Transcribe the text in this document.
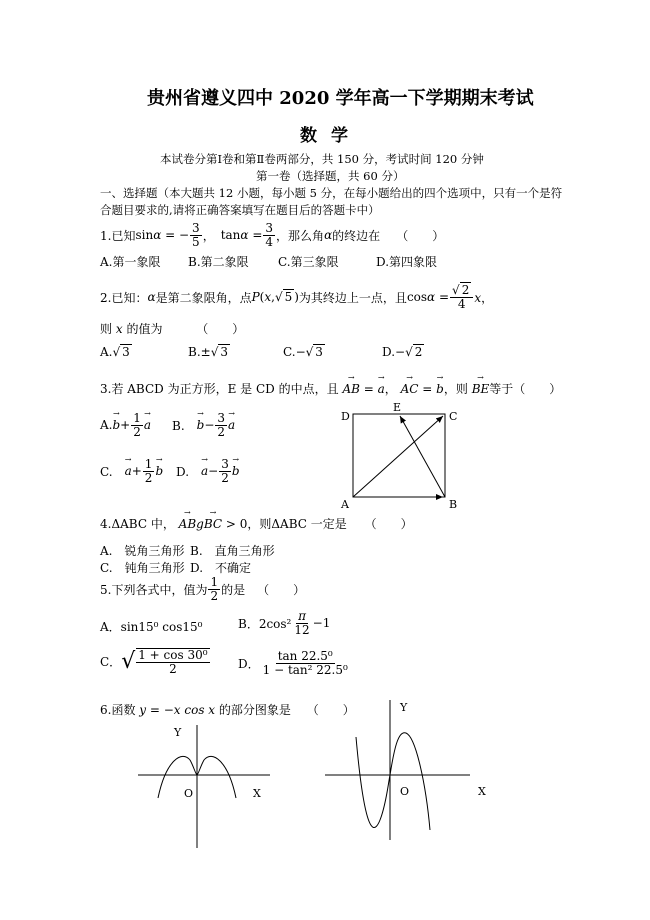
贵州省遵义四中 2020 学年高一下学期期末考试
数学
本试卷分第Ⅰ卷和第Ⅱ卷两部分，共 150 分，考试时间 120 分钟
第一卷（选择题，共 60 分）
一、选择题（本大题共 12 小题，每小题 5 分，在每小题给出的四个选项中，只有一个是符
合题目要求的,请将正确答案填写在题目后的答题卡中）
1.已知 sinα = − $\frac{3}{5}$ ， $\tan\alpha = \frac{3}{4}$ ，那么角 α 的终边在 （　　）
A.第一象限 B.第二象限 C.第三象限	D.第四象限
2.已知： α 是第二象限角，点 P(x,√ 5 ) 为其终边上一点，且 $\cos\alpha = \frac{√ 2}{4}$ x，
则 x 的值为	（　　）
A.√ 3	B.±√ 3	C.−√ 3	D.−√ 2
3.若 ABCD 为正方形，E 是 CD 的中点，且 → AB = → a， → AC = → b，则 → BE等于（　　）
A.
→ $b + \frac{1}{2}$
→ a B.　
→ $b - \frac{3}{2}$
→ a
C.　
→ $a + \frac{1}{2}$
→ b D.　
→ $a - \frac{3}{2}$
→ b
D
E
C
A	B
4.ΔABC 中， → ABg→ BC > 0，则ΔABC 一定是 （　　）
A.　锐角三角形 B.　直角三角形
C.　钝角三角形 D.　不确定
5.下列各式中，值为 $\frac{1}{2}$ 的是 （　　）
A．sin15⁰ cos15⁰	B．$2\cos^2 \frac{\pi}{12} -1$
C． √ $\frac{\text{1 + cos 30⁰}}{2}$ D． $\frac{\text{tan 22.5⁰}}{\text{1 − tan² 22.5⁰}}$
6.函数 y = −x cos x 的部分图象是 （　　）
Y
O	X
Y
O	X
